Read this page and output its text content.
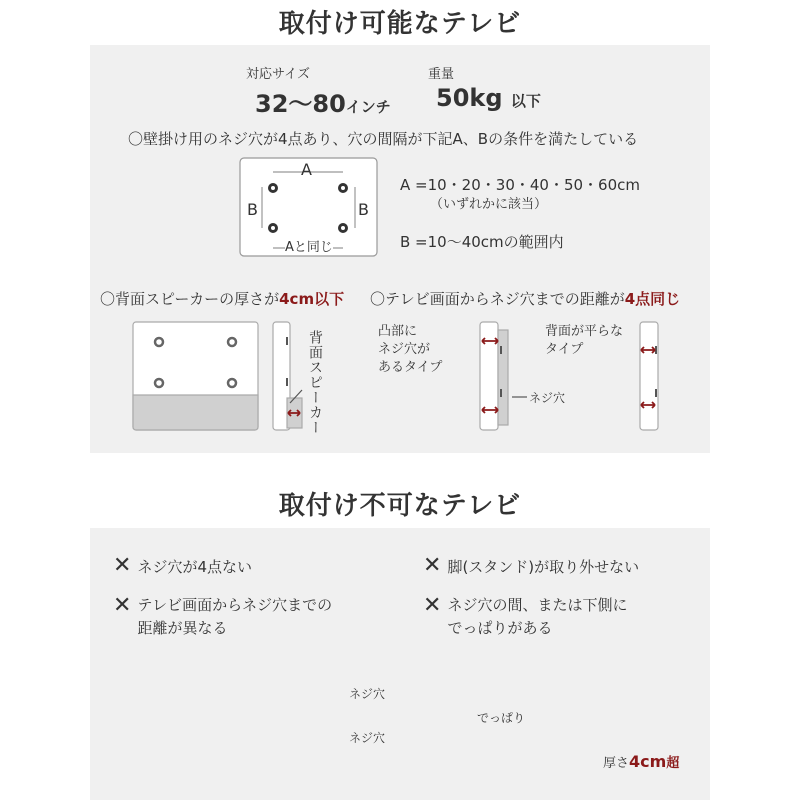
取付け可能なテレビ
対応サイズ
32〜80インチ
重量
50kg 以下
〇壁掛け用のネジ穴が4点あり、穴の間隔が下記A、Bの条件を満たしている
A
B	B
Aと同じ
A =10・20・30・40・50・60cm
（いずれかに該当）
B =10〜40cmの範囲内
〇背面スピーカーの厚さが4cm以下 〇テレビ画面からネジ穴までの距離が4点同じ
背面スピーカー	凸部に
ネジ穴が
あるタイプ
ネジ穴
背面が平らな
タイプ
取付け不可なテレビ
✕ ネジ穴が4点ない	✕ 脚(スタンド)が取り外せない
✕ テレビ画面からネジ穴までの
距離が異なる
✕ ネジ穴の間、または下側に
でっぱりがある
ネジ穴
ネジ穴
でっぱり
厚さ4cm超
